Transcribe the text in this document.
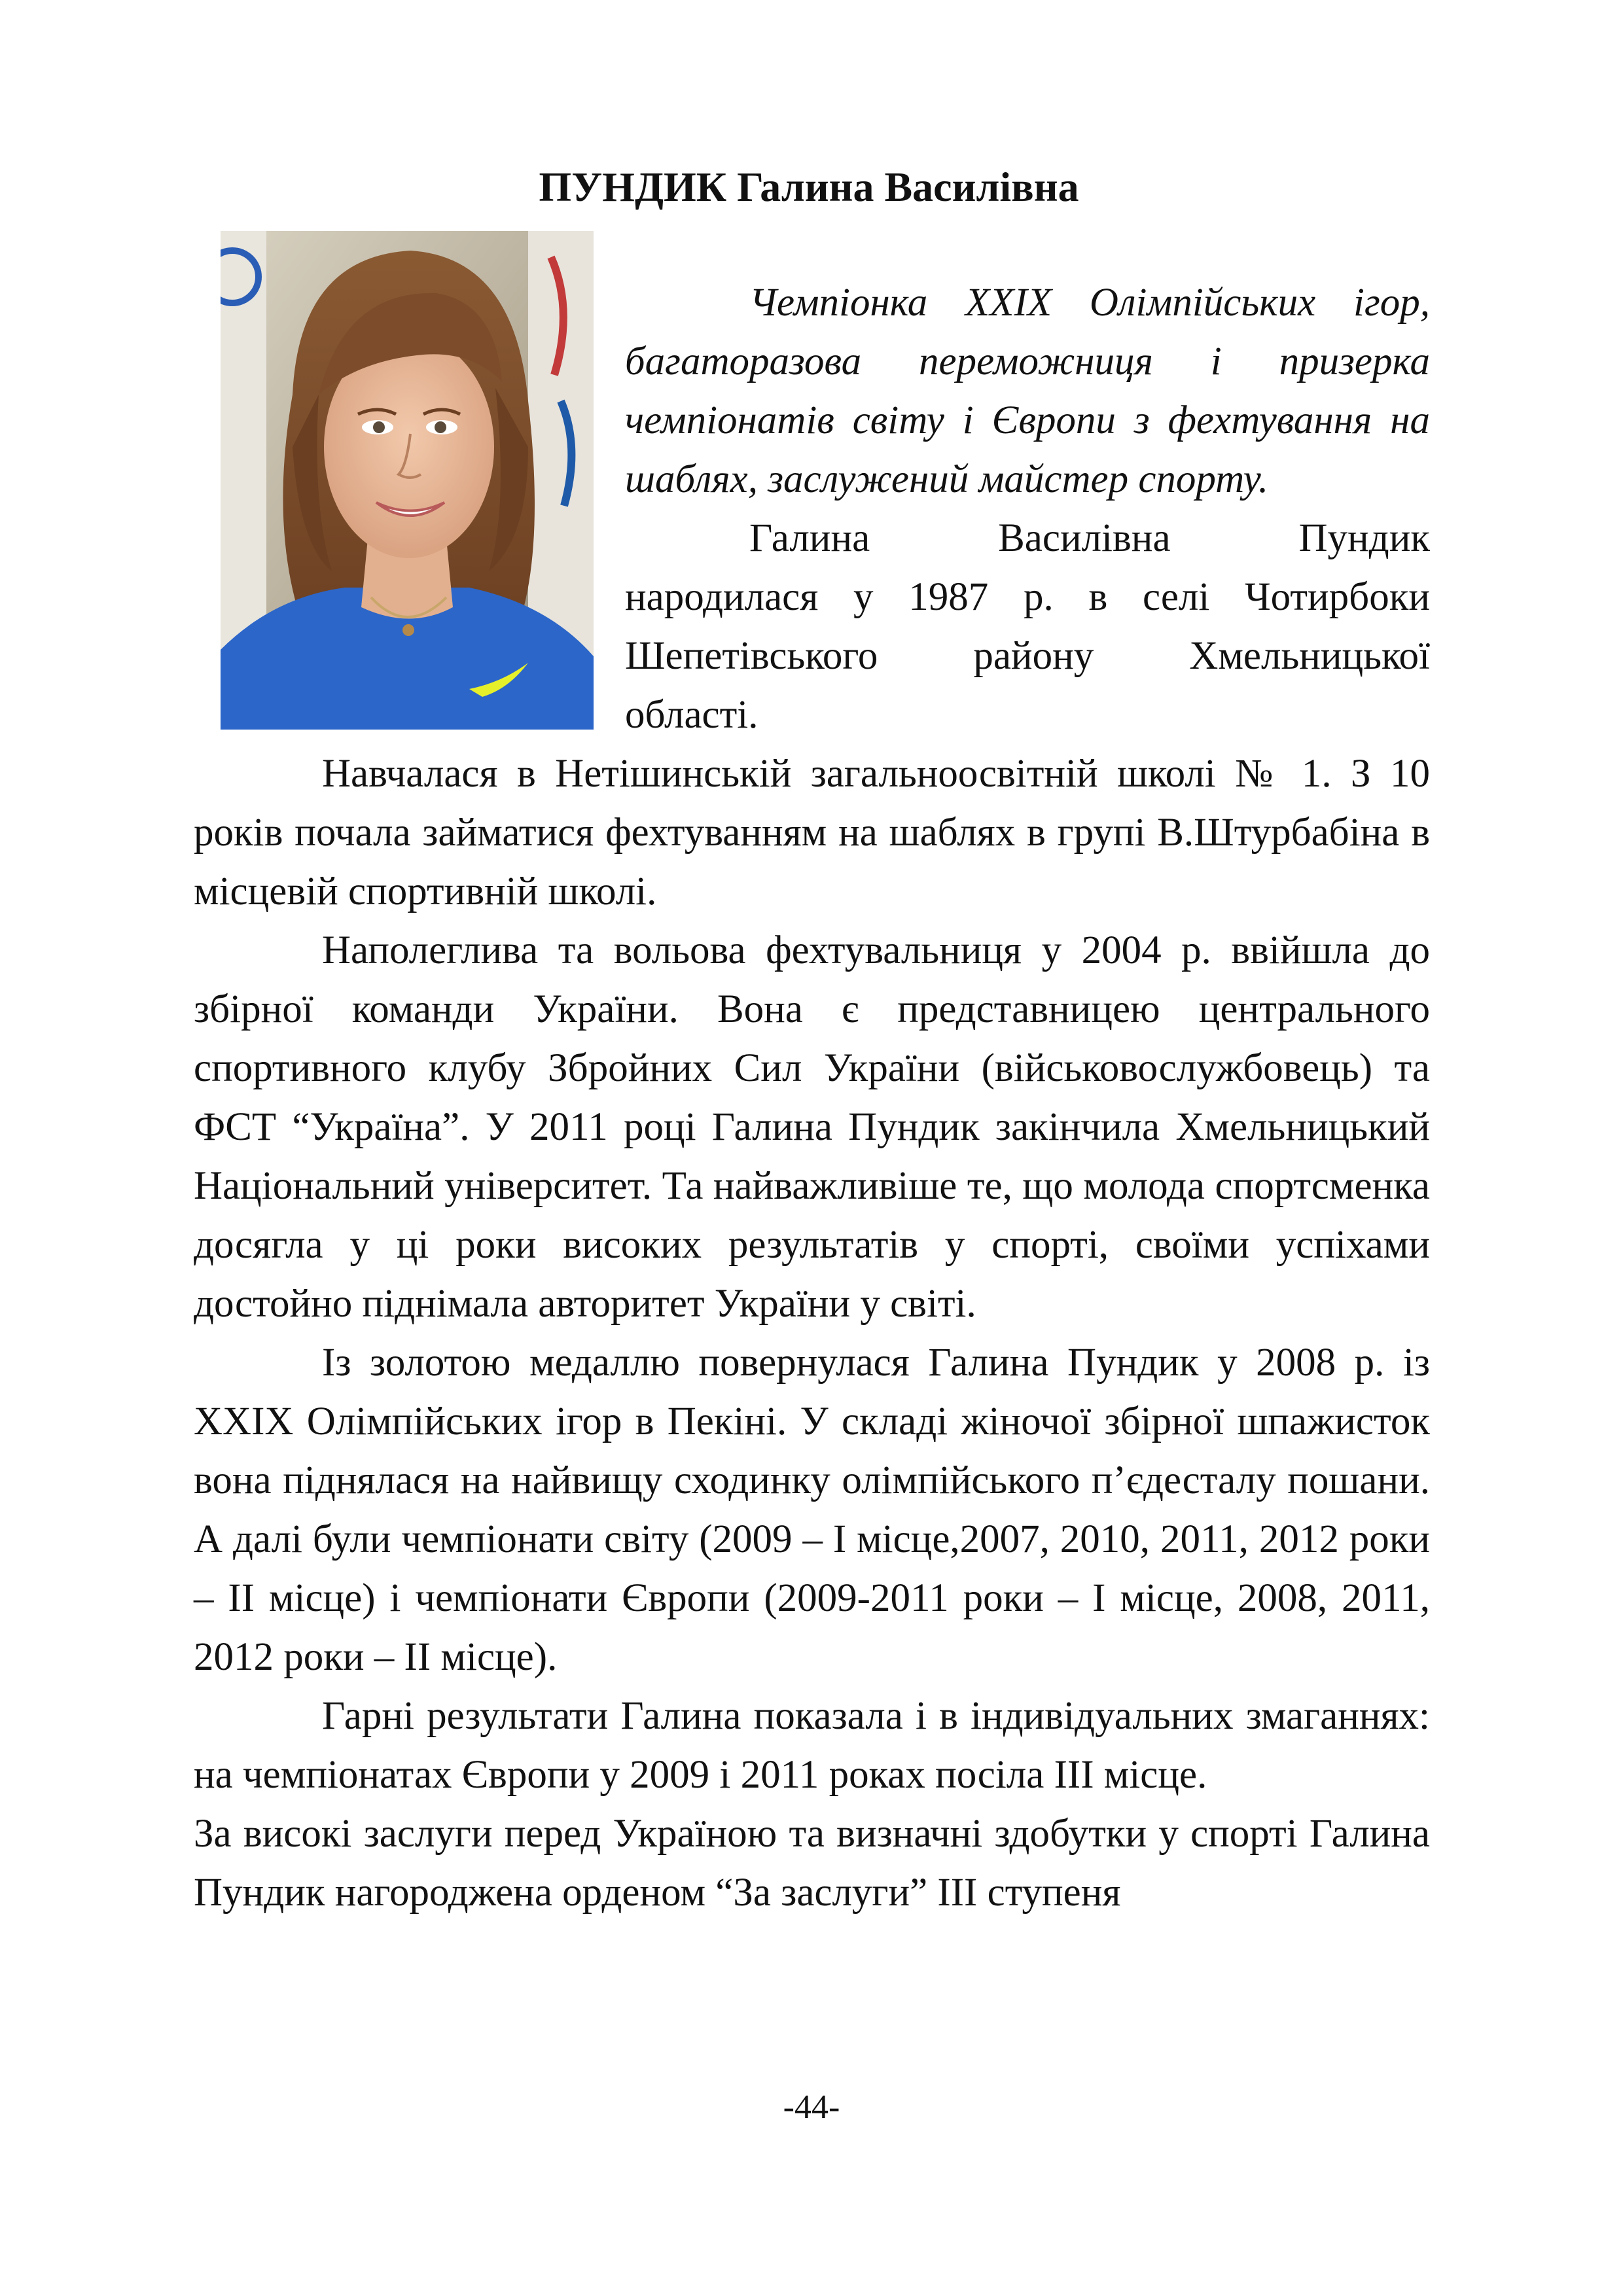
ПУНДИК Галина Василівна
Чемпіонка XXIX Олімпійських ігор, багаторазова переможниця і призерка чемпіонатів світу і Європи з фехтування на шаблях, заслужений майстер спорту.
Галина Василівна Пундик
народилася у 1987 р. в селі Чотирбоки
Шепетівського району Хмельницької
області.

Навчалася в Нетішинській загальноосвітній школі № 1. З 10 років почала займатися фехтуванням на шаблях в групі В.Штурбабіна в місцевій спортивній школі.

Наполеглива та вольова фехтувальниця у 2004 р. ввійшла до збірної команди України. Вона є представницею центрального спортивного клубу Збройних Сил України (військовослужбовець) та ФСТ “Україна”. У 2011 році Галина Пундик закінчила Хмельницький Національний університет. Та найважливіше те, що молода спортсменка досягла у ці роки високих результатів у спорті, своїми успіхами достойно піднімала авторитет України у світі.

Із золотою медаллю повернулася Галина Пундик у 2008 р. із XXIX Олімпійських ігор в Пекіні. У складі жіночої збірної шпажисток вона піднялася на найвищу сходинку олімпійського п’єдесталу пошани. А далі були чемпіонати світу (2009 – І місце,2007, 2010, 2011, 2012 роки – ІІ місце) і чемпіонати Європи (2009-2011 роки – І місце, 2008, 2011, 2012 роки – ІІ місце).

Гарні результати Галина показала і в індивідуальних змаганнях: на чемпіонатах Європи у 2009 і 2011 роках посіла ІІІ місце.

За високі заслуги перед Україною та визначні здобутки у спорті Галина Пундик нагороджена орденом “За заслуги” ІІІ ступеня

-44-
